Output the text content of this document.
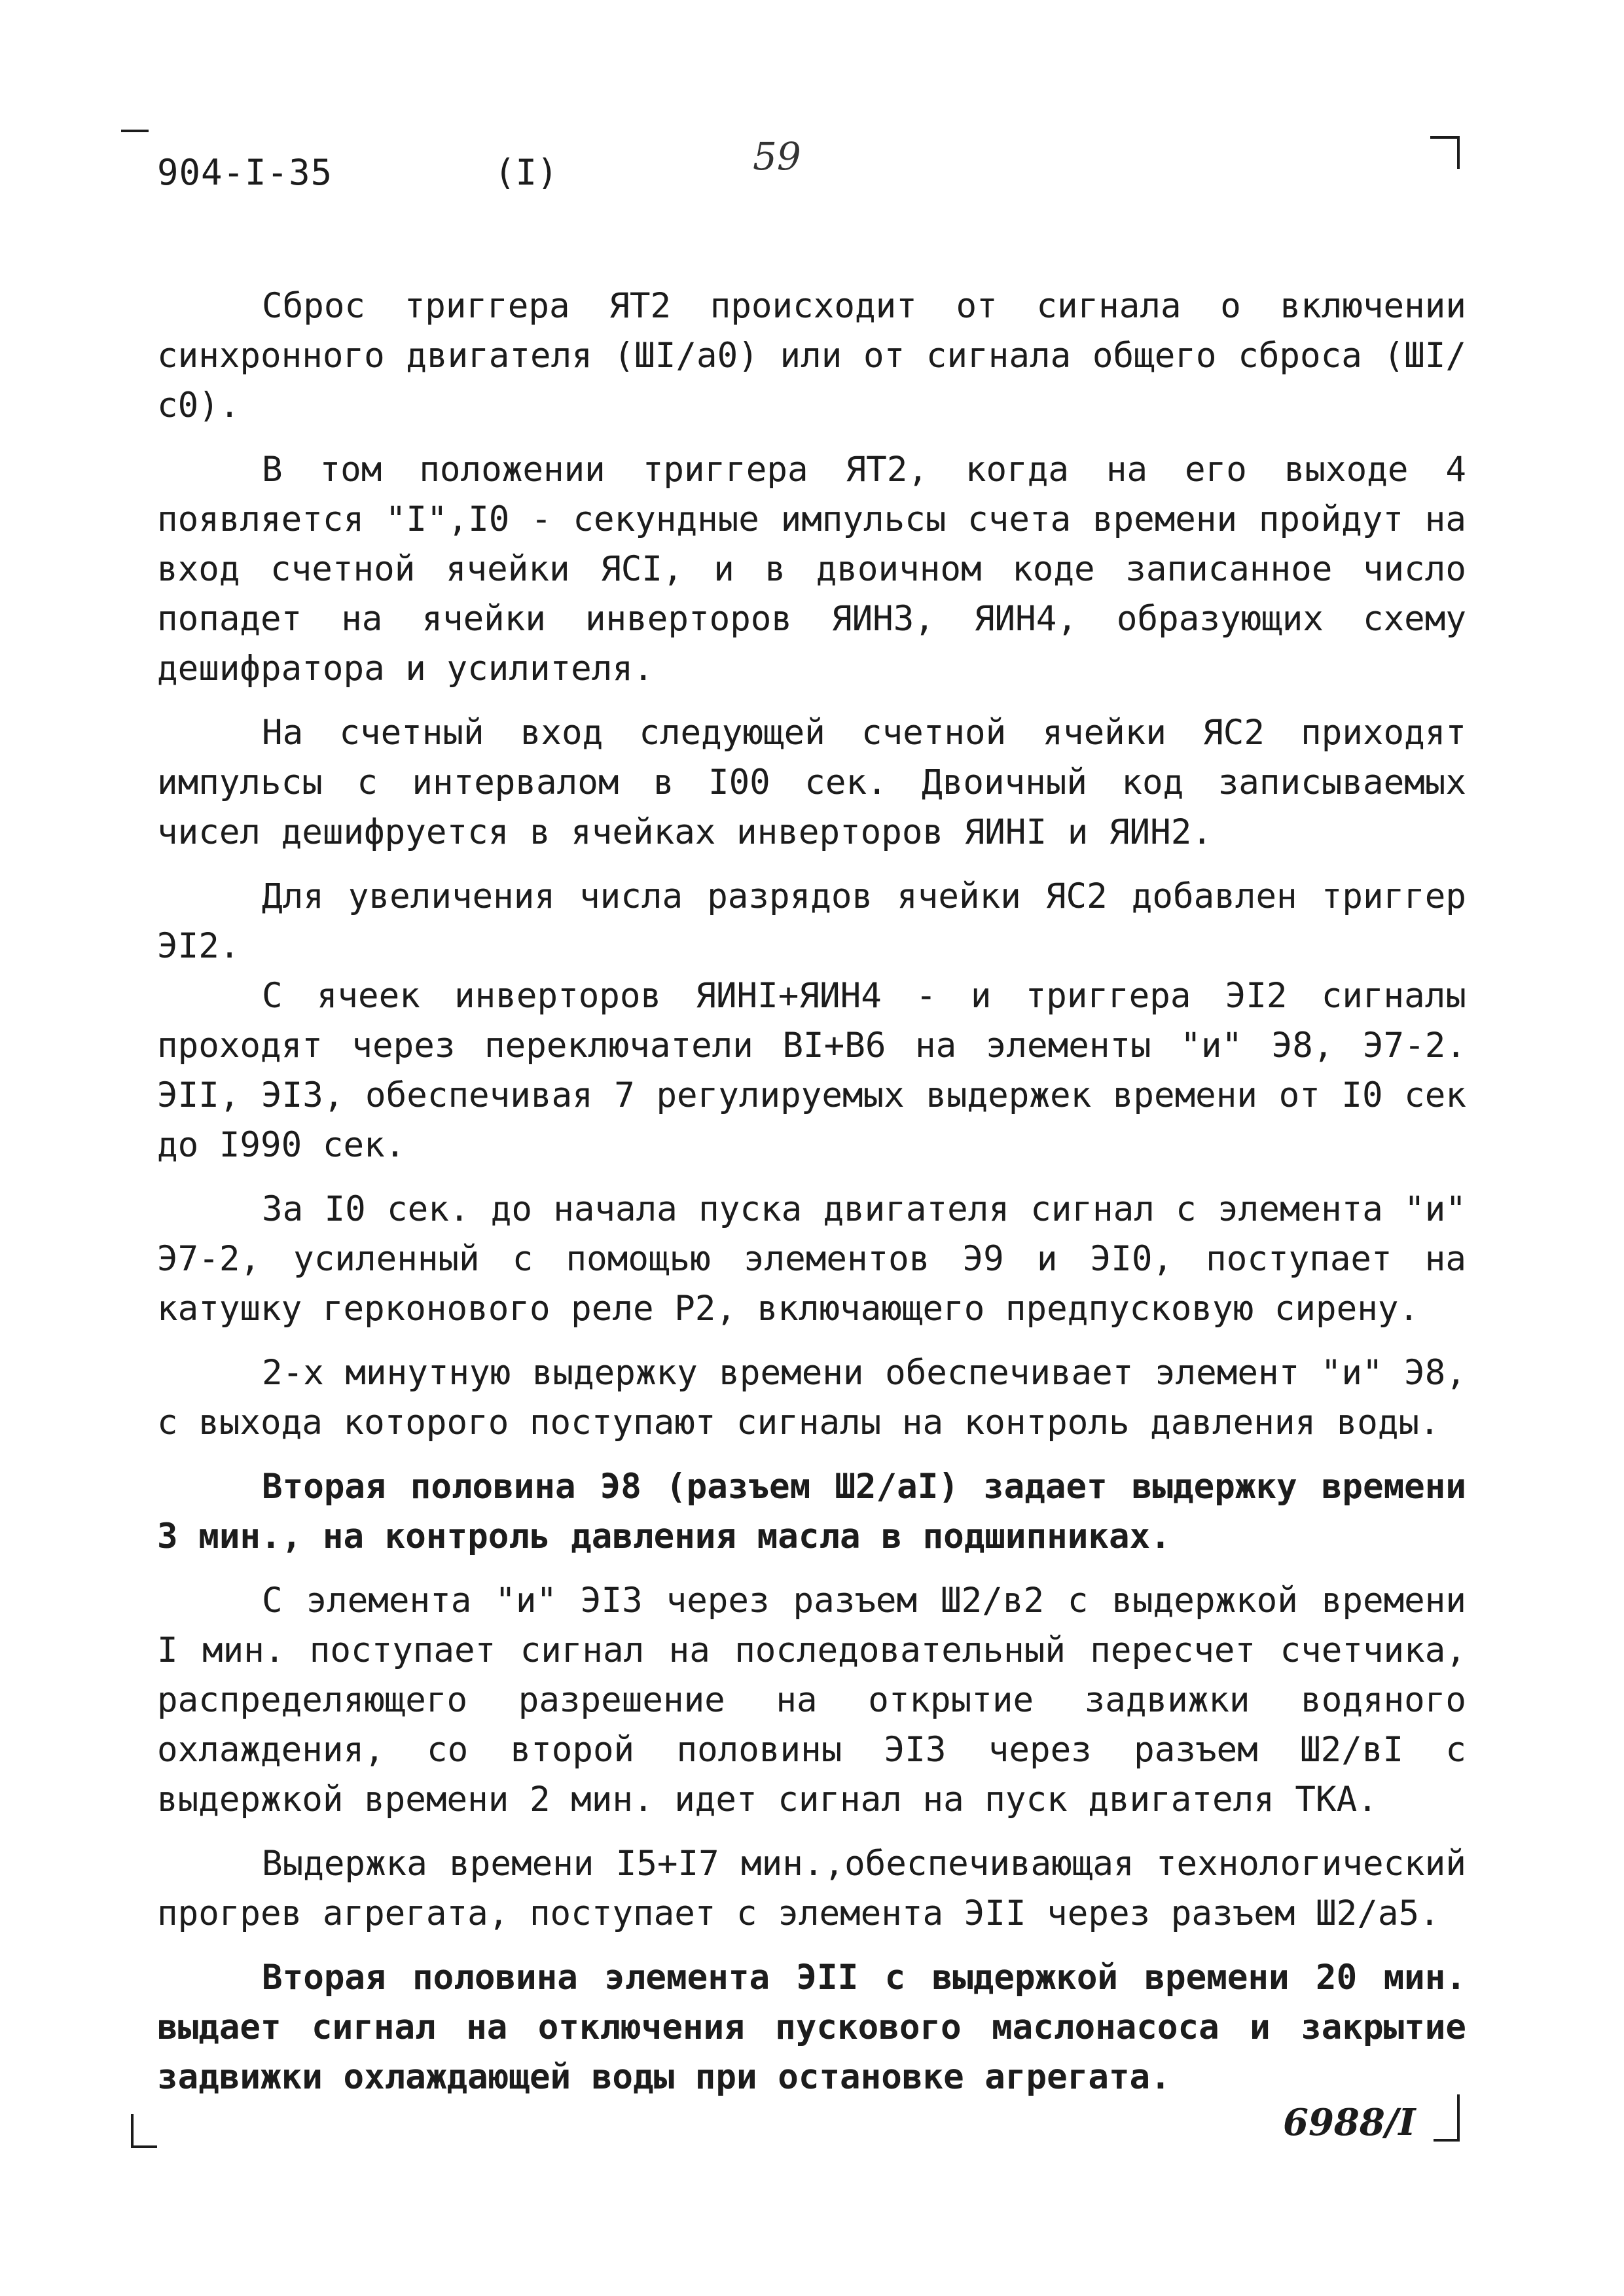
904-I-35	(I)	59

Сброс триггера ЯТ2 происходит от сигнала о включении синхронного двигателя (ШI/а0) или от сигнала общего сброса (ШI/с0).

В том положении триггера ЯТ2, когда на его выходе 4 появляется "I",I0 - секундные импульсы счета времени пройдут на вход счетной ячейки ЯСI, и в двоичном коде записанное число попадет на ячейки инверторов ЯИН3, ЯИН4, образующих схему дешифратора и усилителя.

На счетный вход следующей счетной ячейки ЯС2 приходят импульсы с интервалом в I00 сек. Двоичный код записываемых чисел дешифруется в ячейках инверторов ЯИНI и ЯИН2.

Для увеличения числа разрядов ячейки ЯС2 добавлен триггер ЭI2.

С ячеек инверторов ЯИНI+ЯИН4 - и триггера ЭI2 сигналы проходят через переключатели ВI+В6 на элементы "и" Э8, Э7-2. ЭII, ЭI3, обеспечивая 7 регулируемых выдержек времени от I0 сек до I990 сек.

За I0 сек. до начала пуска двигателя сигнал с элемента "и" Э7-2, усиленный с помощью элементов Э9 и ЭI0, поступает на катушку герконового реле Р2, включающего предпусковую сирену.

2-х минутную выдержку времени обеспечивает элемент "и" Э8, с выхода которого поступают сигналы на контроль давления воды.

Вторая половина Э8 (разъем Ш2/аI) задает выдержку времени 3 мин., на контроль давления масла в подшипниках.

С элемента "и" ЭI3 через разъем Ш2/в2 с выдержкой времени I мин. поступает сигнал на последовательный пересчет счетчика, распределяющего разрешение на открытие задвижки водяного охлаждения, со второй половины ЭI3 через разъем Ш2/вI с выдержкой времени 2 мин. идет сигнал на пуск двигателя ТКА.

Выдержка времени I5+I7 мин.,обеспечивающая технологический прогрев агрегата, поступает с элемента ЭII через разъем Ш2/а5.

Вторая половина элемента ЭII с выдержкой времени 20 мин. выдает сигнал на отключения пускового маслонасоса и закрытие задвижки охлаждающей воды при остановке агрегата.

6988/I
